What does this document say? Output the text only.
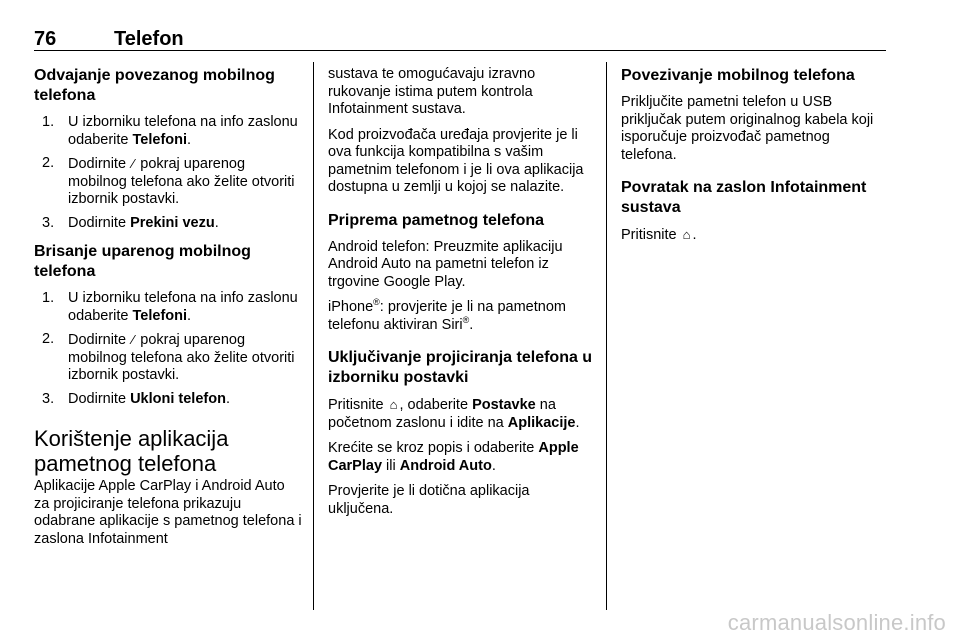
76	Telefon
Odvajanje povezanog mobilnog telefona
1. U izborniku telefona na info zaslonu odaberite Telefoni.
2. Dodirnite ∕ pokraj uparenog mobilnog telefona ako želite otvoriti izbornik postavki.
3. Dodirnite Prekini vezu.
Brisanje uparenog mobilnog telefona
1. U izborniku telefona na info zaslonu odaberite Telefoni.
2. Dodirnite ∕ pokraj uparenog mobilnog telefona ako želite otvoriti izbornik postavki.
3. Dodirnite Ukloni telefon.
Korištenje aplikacija pametnog telefona

Aplikacije Apple CarPlay i Android Auto za projiciranje telefona prikazuju odabrane aplikacije s pametnog telefona i zaslona Infotainment

sustava te omogućavaju izravno rukovanje istima putem kontrola Infotainment sustava.

Kod proizvođača uređaja provjerite je li ova funkcija kompatibilna s vašim pametnim telefonom i je li ova aplikacija dostupna u zemlji u kojoj se nalazite.

Priprema pametnog telefona

Android telefon: Preuzmite aplikaciju Android Auto na pametni telefon iz trgovine Google Play.

iPhone®: provjerite je li na pametnom telefonu aktiviran Siri®.

Uključivanje projiciranja telefona u izborniku postavki

Pritisnite ⌂ , odaberite Postavke na početnom zaslonu i idite na Aplikacije.

Krećite se kroz popis i odaberite Apple CarPlay ili Android Auto.

Provjerite je li dotična aplikacija uključena.

Povezivanje mobilnog telefona

Priključite pametni telefon u USB priključak putem originalnog kabela koji isporučuje proizvođač pametnog telefona.

Povratak na zaslon Infotainment sustava

Pritisnite ⌂ .

carmanualsonline.info
